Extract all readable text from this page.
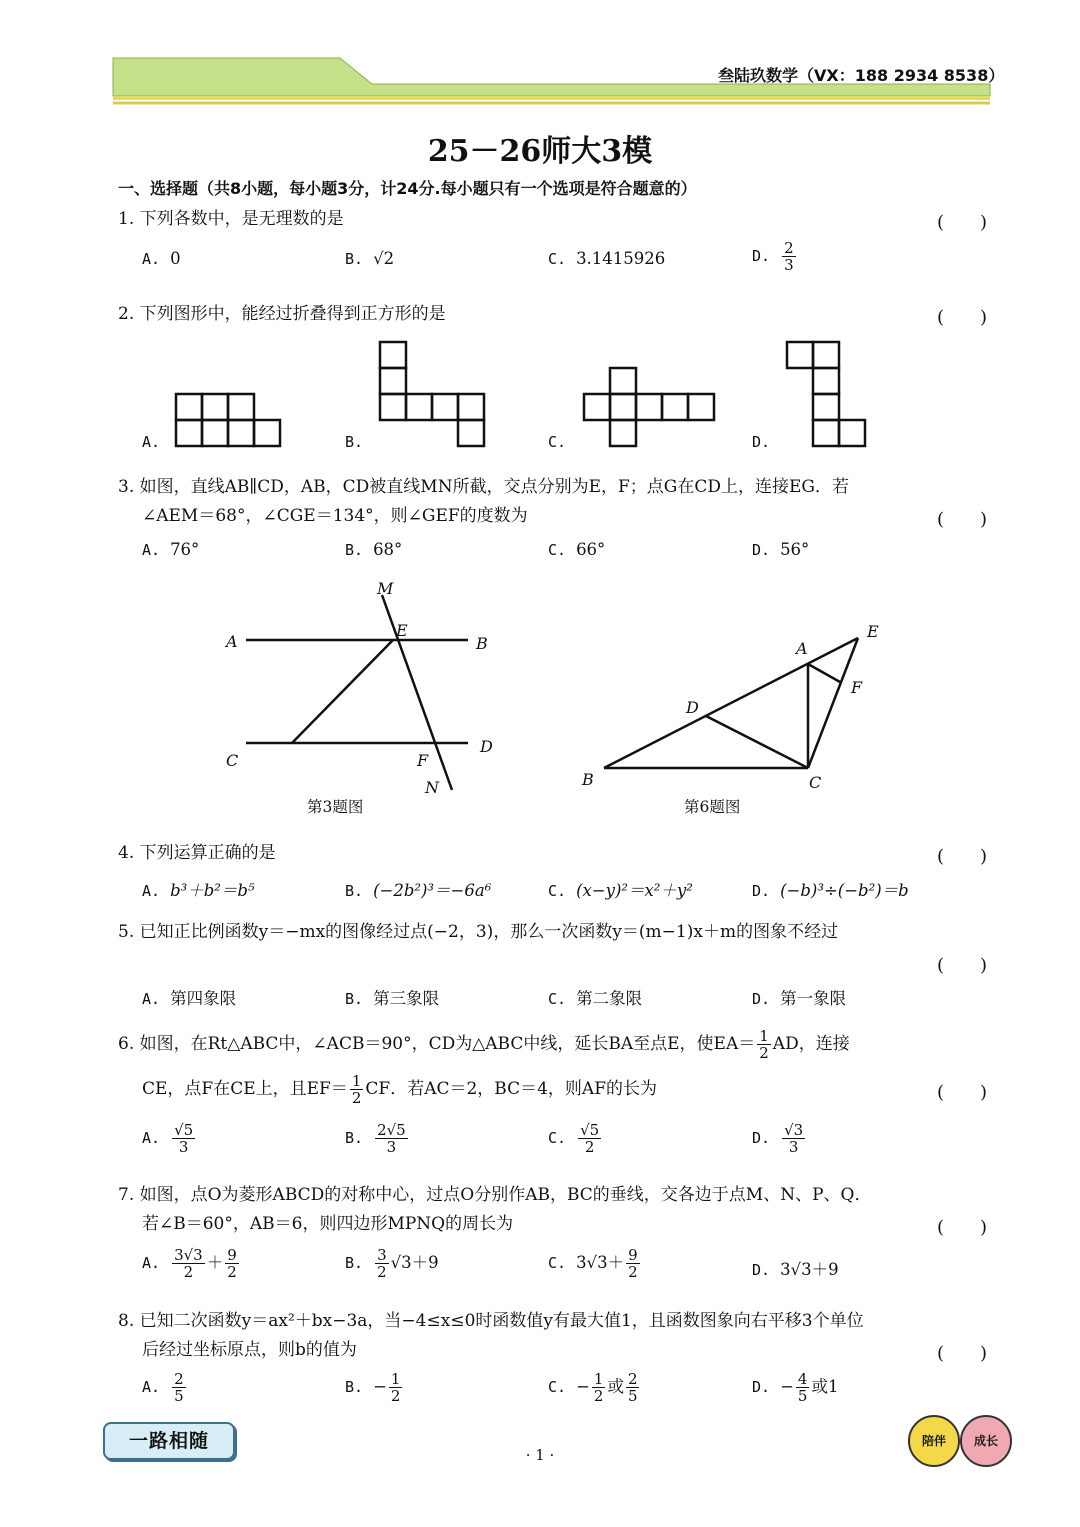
叁陆玖数学（VX：188 2934 8538）
25－26师大3模
一、选择题（共8小题，每小题3分，计24分.每小题只有一个选项是符合题意的）
1. 下列各数中，是无理数的是	(　　)
A. 0	B. √2	C. 3.1415926	D. $\frac{2}{3}$
2. 下列图形中，能经过折叠得到正方形的是	(　　)
A.	B.	C.	D.
3. 如图，直线AB∥CD，AB，CD被直线MN所截，交点分别为E，F；点G在CD上，连接EG．若
∠AEM＝68°，∠CGE＝134°，则∠GEF的度数为	(　　)
A. 76°	B. 68°	C. 66°	D. 56°
M
E
A	B
C	F
D
N
第3题图
E
A
F
D
B	C
第6题图
4. 下列运算正确的是	(　　)
A. b³＋b²＝b⁵	B. (−2b²)³＝−6a⁶	C. (x−y)²＝x²＋y²	D. (−b)³÷(−b²)＝b
5. 已知正比例函数y＝−mx的图像经过点(−2，3)，那么一次函数y＝(m−1)x＋m的图象不经过
(　　)
A. 第四象限	B. 第三象限	C. 第二象限	D. 第一象限
6. 如图，在Rt△ABC中，∠ACB＝90°，CD为△ABC中线，延长BA至点E，使$EA= \frac{1}{2}$ AD，连接
CE，点F在CE上，且$EF= \frac{1}{2}$ CF．若AC＝2，BC＝4，则AF的长为	(　　)
A. $\frac{√5}{3}$	B. $\frac{2√5}{3}$	C. $\frac{√5}{2}$	D. $\frac{√3}{3}$
7. 如图，点O为菱形ABCD的对称中心，过点O分别作AB，BC的垂线，交各边于点M、N、P、Q．
若∠B＝60°，AB＝6，则四边形MPNQ的周长为	(　　)
A. $\frac{3√3}{2} + \frac{9}{2}$	B. $\frac{3}{2} √3+9$	C. $3√3+ \frac{9}{2}$	D. 3√3＋9
8. 已知二次函数y＝ax²＋bx−3a，当−4≤x≤0时函数值y有最大值1，且函数图象向右平移3个单位
后经过坐标原点，则b的值为	(　　)
A. $\frac{2}{5}$	B. − $\frac{1}{2}$	C. − $\frac{1}{2}$ 或 $\frac{2}{5}$	D. − $\frac{4}{5}$ 或1
一路相随
· 1 ·
陪伴	成长
